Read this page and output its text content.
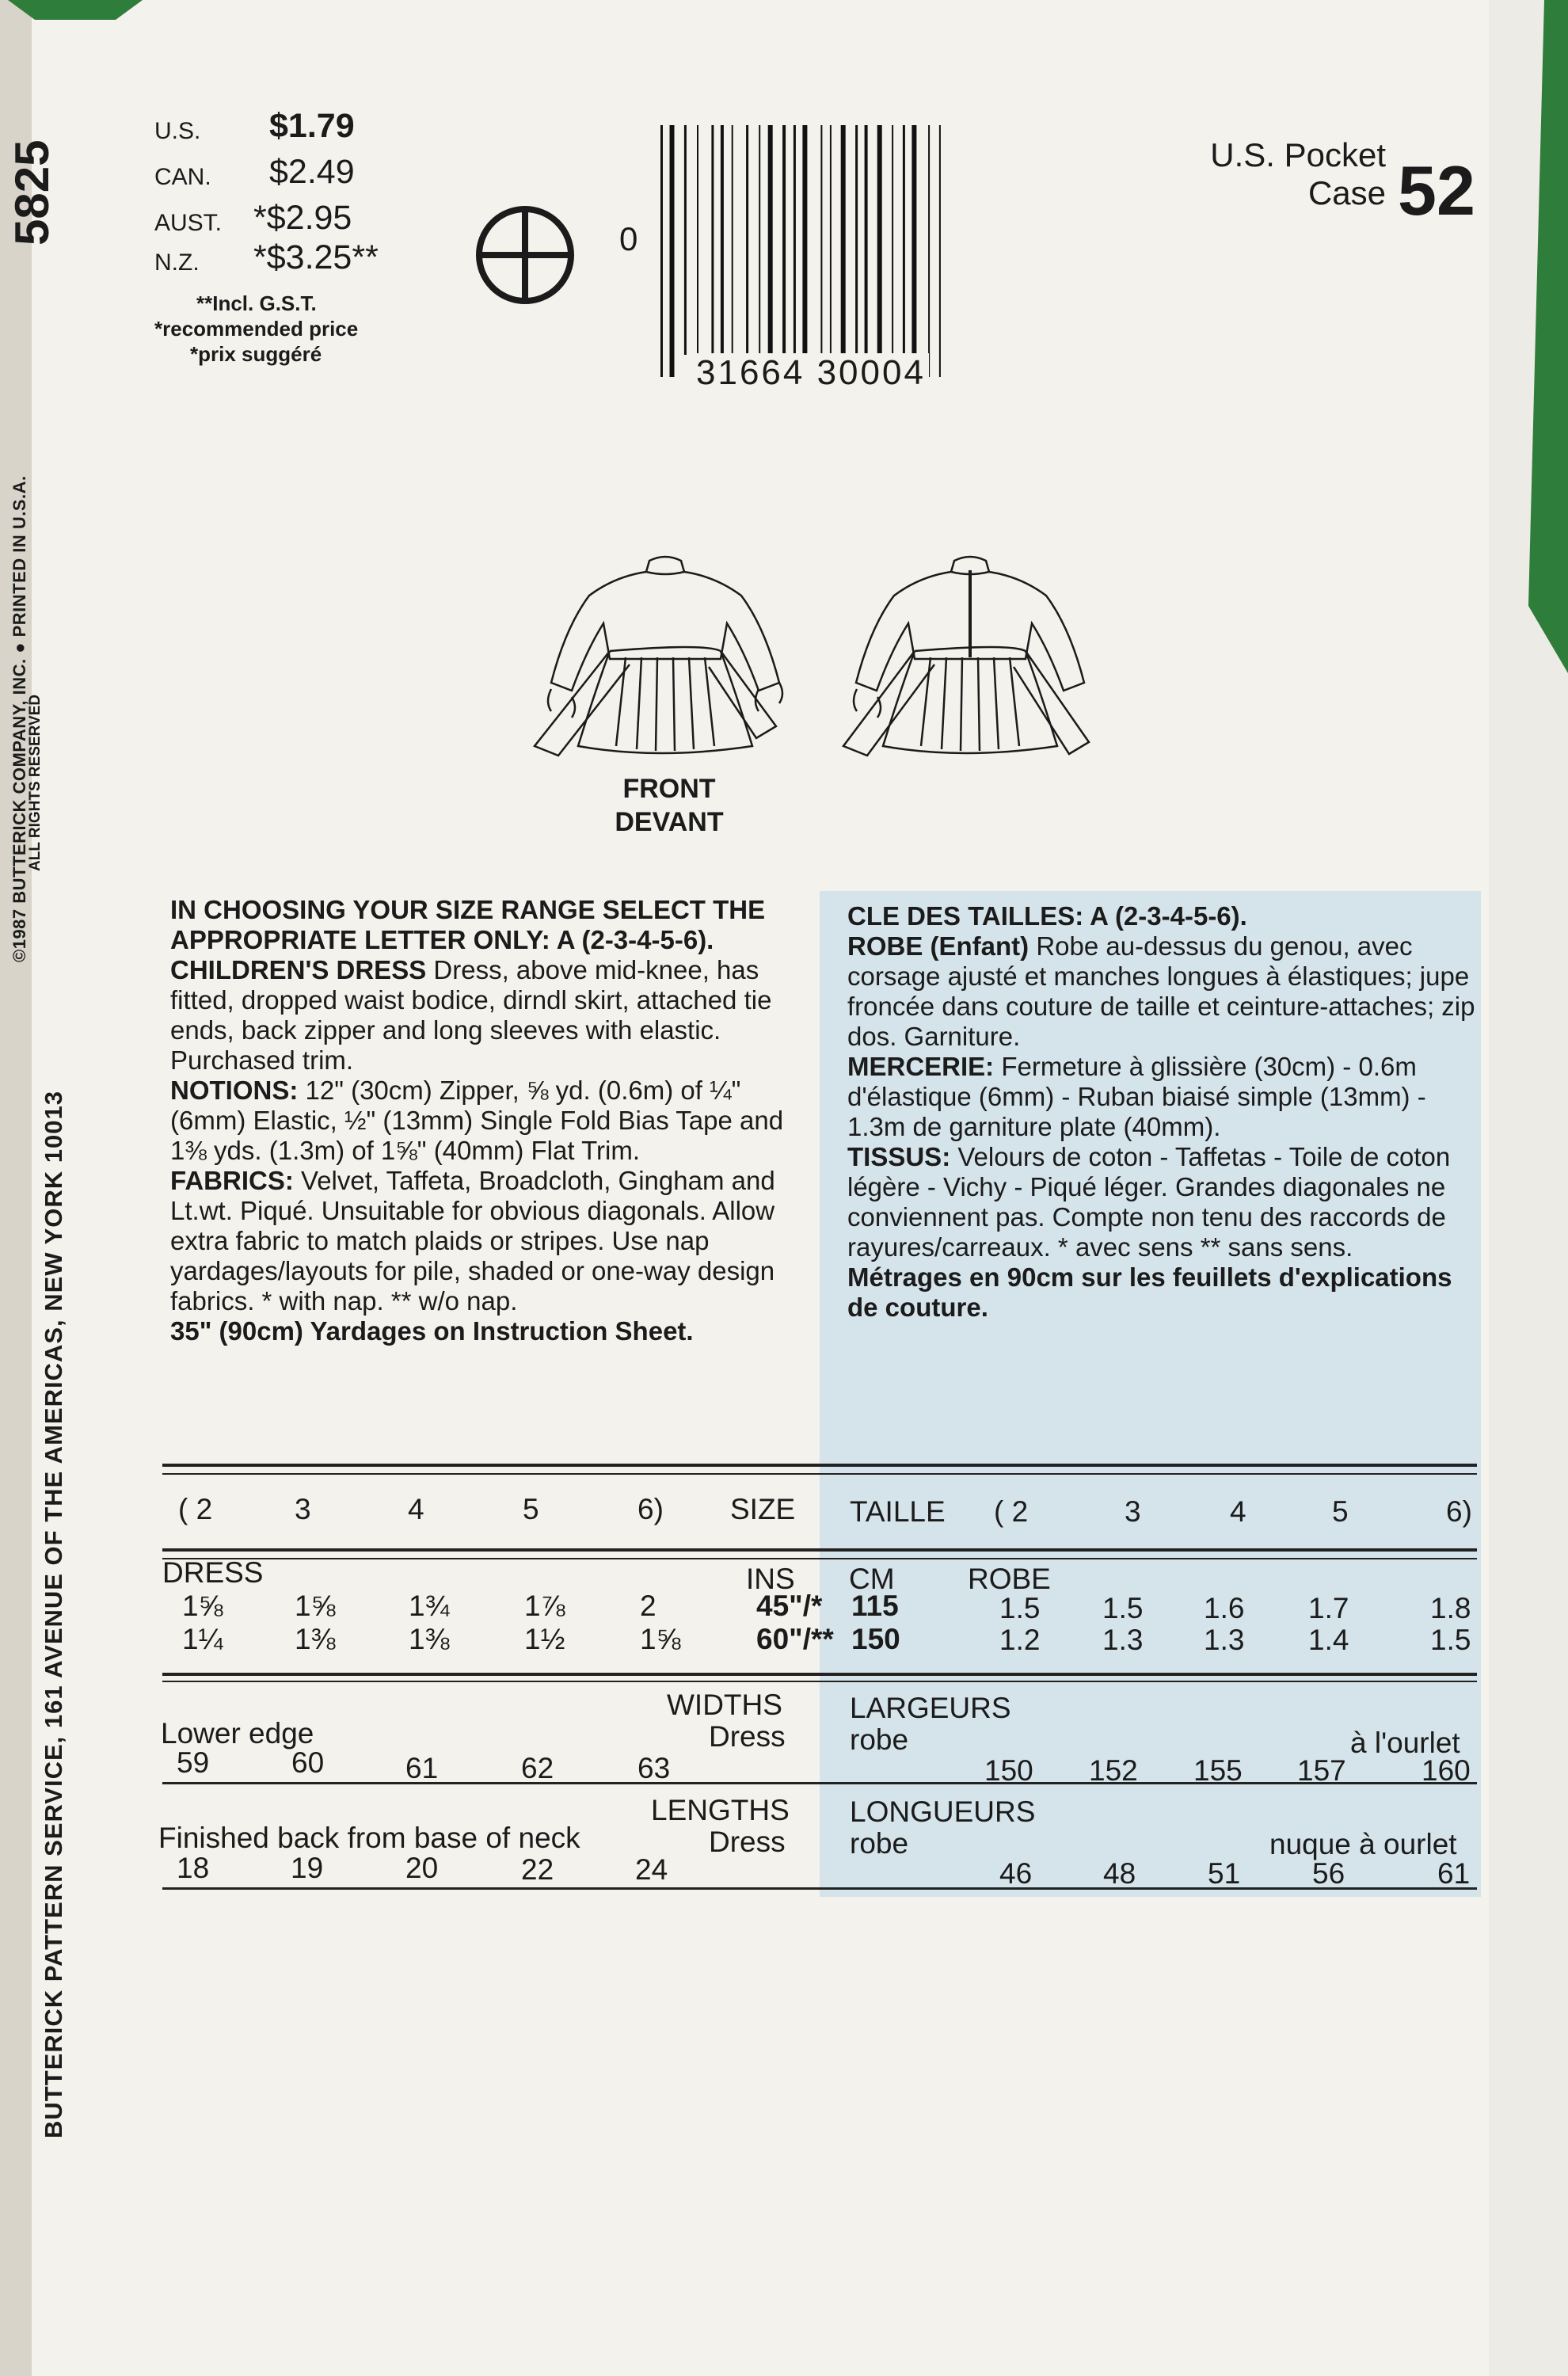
5825
©1987 BUTTERICK COMPANY, INC. ● PRINTED IN U.S.A.
ALL RIGHTS RESERVED
BUTTERICK PATTERN SERVICE, 161 AVENUE OF THE AMERICAS, NEW YORK 10013
U.S. $1.79
CAN. $2.49
AUST. *$2.95
N.Z. *$3.25**
**Incl. G.S.T.
*recommended price
*prix suggéré
0
31664 30004
U.S. Pocket
Case 52
FRONT
DEVANT
IN CHOOSING YOUR SIZE RANGE SELECT THE APPROPRIATE LETTER ONLY: A (2-3-4-5-6).
CHILDREN'S DRESS Dress, above mid-knee, has fitted, dropped waist bodice, dirndl skirt, attached tie ends, back zipper and long sleeves with elastic. Purchased trim.
NOTIONS: 12" (30cm) Zipper, ⅝ yd. (0.6m) of ¼" (6mm) Elastic, ½" (13mm) Single Fold Bias Tape and 1⅜ yds. (1.3m) of 1⅝" (40mm) Flat Trim.
FABRICS: Velvet, Taffeta, Broadcloth, Gingham and Lt.wt. Piqué. Unsuitable for obvious diagonals. Allow extra fabric to match plaids or stripes. Use nap yardages/layouts for pile, shaded or one-way design fabrics. * with nap. ** w/o nap.
35" (90cm) Yardages on Instruction Sheet.
CLE DES TAILLES: A (2-3-4-5-6).
ROBE (Enfant) Robe au-dessus du genou, avec corsage ajusté et manches longues à élastiques; jupe froncée dans couture de taille et ceinture-attaches; zip dos. Garniture.
MERCERIE: Fermeture à glissière (30cm) - 0.6m d'élastique (6mm) - Ruban biaisé simple (13mm) - 1.3m de garniture plate (40mm).
TISSUS: Velours de coton - Taffetas - Toile de coton légère - Vichy - Piqué léger. Grandes diagonales ne conviennent pas. Compte non tenu des raccords de rayures/carreaux. * avec sens ** sans sens.
Métrages en 90cm sur les feuillets d'explications de couture.
( 2	3	4	5	6) SIZE TAILLE ( 2	3	4	5	6)
DRESS	INS CM ROBE
1⅝ 1⅝	1¾	1⅞	2	45"/* 115	1.5 1.5 1.6 1.7	1.8
1¼ 1⅜	1⅜	1½	1⅝	60"/** 150	1.2 1.3 1.3 1.4	1.5
WIDTHS
Dress
LARGEURS
robe
Lower edge	à l'ourlet
59	60	61	62	63	150 152 155 157	160
LENGTHS
Dress
LONGUEURS
robe
Finished back from base of neck	nuque à ourlet
18	19	20	22	24	46 48 51 56	61
